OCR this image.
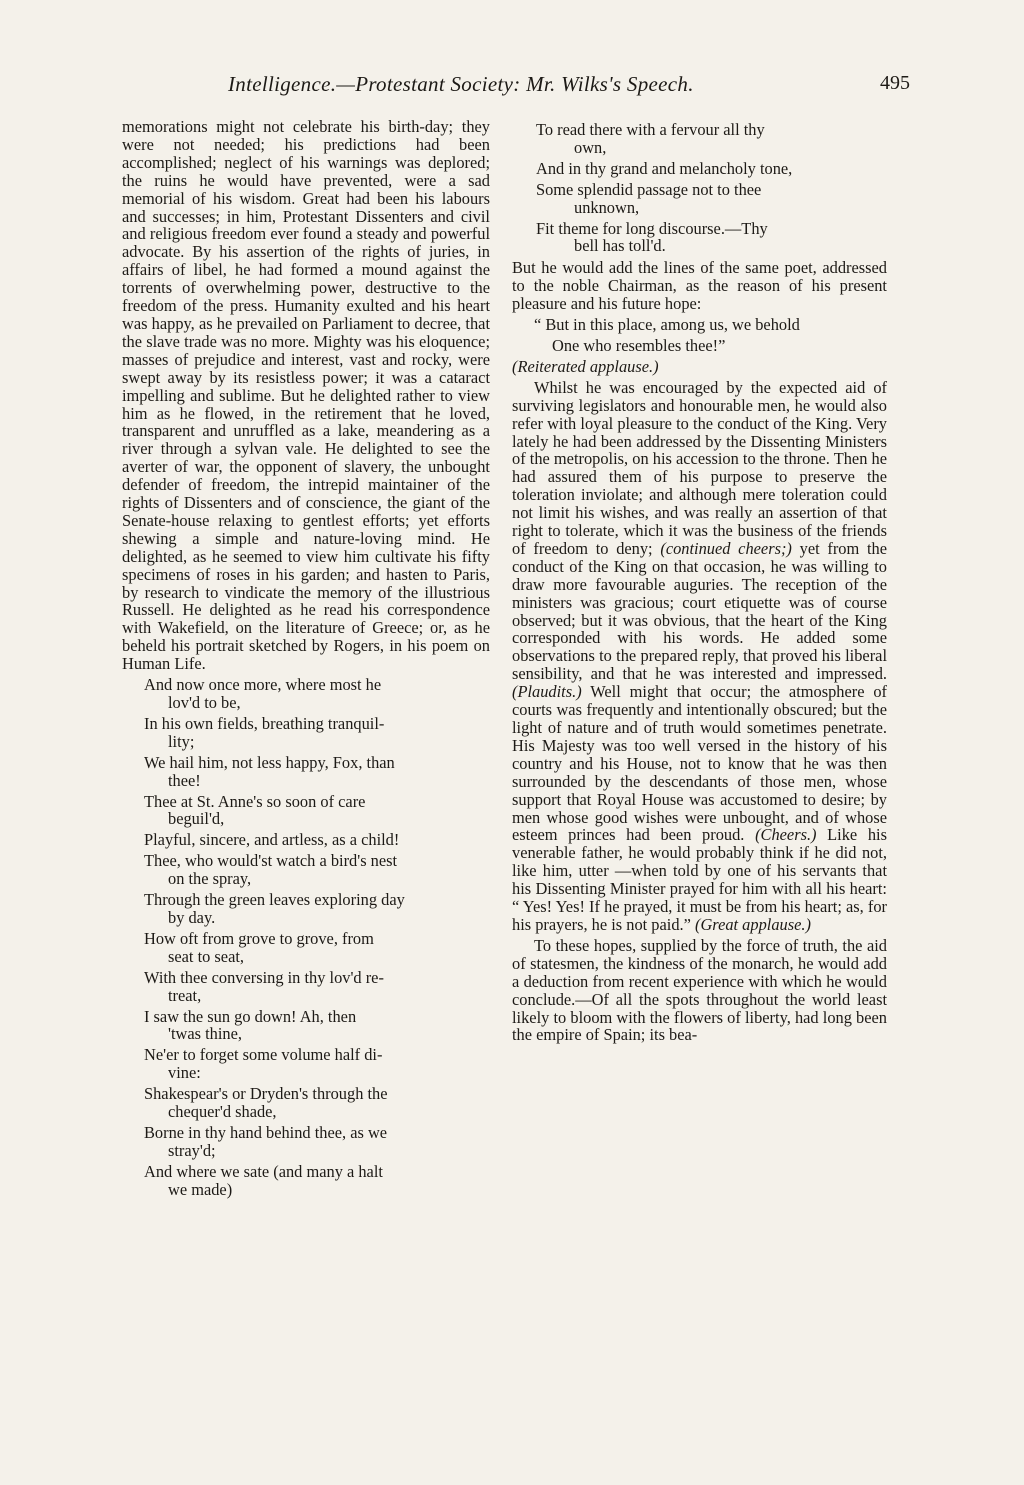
Intelligence.—Protestant Society: Mr. Wilks's Speech.	495

memorations might not celebrate his birth-day; they were not needed; his predictions had been accomplished; neglect of his warnings was deplored; the ruins he would have prevented, were a sad memorial of his wisdom. Great had been his labours and successes; in him, Protestant Dissenters and civil and religious freedom ever found a steady and powerful advocate. By his assertion of the rights of juries, in affairs of libel, he had formed a mound against the torrents of overwhelming power, destructive to the freedom of the press. Humanity exulted and his heart was happy, as he prevailed on Parliament to decree, that the slave trade was no more. Mighty was his eloquence; masses of prejudice and interest, vast and rocky, were swept away by its resistless power; it was a cataract impelling and sublime. But he delighted rather to view him as he flowed, in the retirement that he loved, transparent and unruffled as a lake, meandering as a river through a sylvan vale. He delighted to see the averter of war, the opponent of slavery, the unbought defender of freedom, the intrepid maintainer of the rights of Dissenters and of conscience, the giant of the Senate-house relaxing to gentlest efforts; yet efforts shewing a simple and nature-loving mind. He delighted, as he seemed to view him cultivate his fifty specimens of roses in his garden; and hasten to Paris, by research to vindicate the memory of the illustrious Russell. He delighted as he read his correspondence with Wakefield, on the literature of Greece; or, as he beheld his portrait sketched by Rogers, in his poem on Human Life.

And now once more, where most he
lov'd to be,

In his own fields, breathing tranquil-
lity;

We hail him, not less happy, Fox, than
thee!

Thee at St. Anne's so soon of care
beguil'd,

Playful, sincere, and artless, as a child!

Thee, who would'st watch a bird's nest
on the spray,

Through the green leaves exploring day
by day.

How oft from grove to grove, from
seat to seat,

With thee conversing in thy lov'd re-
treat,

I saw the sun go down! Ah, then
'twas thine,

Ne'er to forget some volume half di-
vine:

Shakespear's or Dryden's through the
chequer'd shade,

Borne in thy hand behind thee, as we
stray'd;

And where we sate (and many a halt
we made)

To read there with a fervour all thy
own,

And in thy grand and melancholy tone,

Some splendid passage not to thee
unknown,

Fit theme for long discourse.—Thy
bell has toll'd.

But he would add the lines of the same poet, addressed to the noble Chairman, as the reason of his present pleasure and his future hope:

“ But in this place, among us, we behold

One who resembles thee!”

(Reiterated applause.)

Whilst he was encouraged by the expected aid of surviving legislators and honourable men, he would also refer with loyal pleasure to the conduct of the King. Very lately he had been addressed by the Dissenting Ministers of the metropolis, on his accession to the throne. Then he had assured them of his purpose to preserve the toleration inviolate; and although mere toleration could not limit his wishes, and was really an assertion of that right to tolerate, which it was the business of the friends of freedom to deny; (continued cheers;) yet from the conduct of the King on that occasion, he was willing to draw more favourable auguries. The reception of the ministers was gracious; court etiquette was of course observed; but it was obvious, that the heart of the King corresponded with his words. He added some observations to the prepared reply, that proved his liberal sensibility, and that he was interested and impressed. (Plaudits.) Well might that occur; the atmosphere of courts was frequently and intentionally obscured; but the light of nature and of truth would sometimes penetrate. His Majesty was too well versed in the history of his country and his House, not to know that he was then surrounded by the descendants of those men, whose support that Royal House was accustomed to desire; by men whose good wishes were unbought, and of whose esteem princes had been proud. (Cheers.) Like his venerable father, he would probably think if he did not, like him, utter —when told by one of his servants that his Dissenting Minister prayed for him with all his heart: “ Yes! Yes! If he prayed, it must be from his heart; as, for his prayers, he is not paid.” (Great applause.)

To these hopes, supplied by the force of truth, the aid of statesmen, the kindness of the monarch, he would add a deduction from recent experience with which he would conclude.—Of all the spots throughout the world least likely to bloom with the flowers of liberty, had long been the empire of Spain; its bea-
